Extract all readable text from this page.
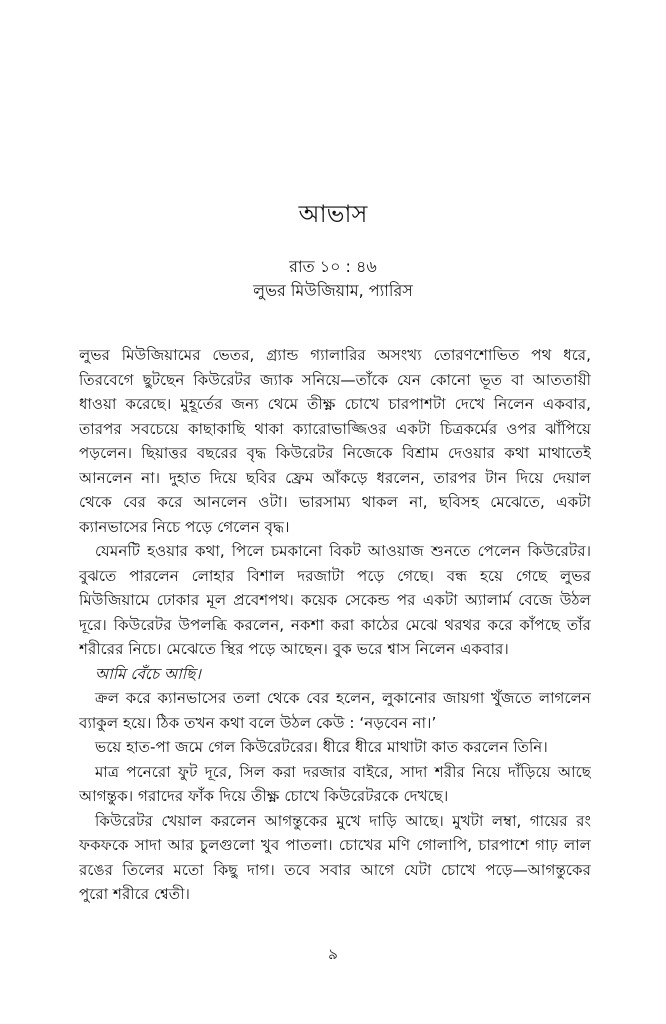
আভাস
রাত ১০ : ৪৬
লুভর মিউজিয়াম, প্যারিস
লুভর মিউজিয়ামের ভেতর, গ্র্যান্ড গ্যালারির অসংখ্য তোরণশোভিত পথ ধরে,
তিরবেগে ছুটছেন কিউরেটর জ্যাক সনিয়ে—তাঁকে যেন কোনো ভূত বা আততায়ী
ধাওয়া করেছে। মুহূর্তের জন্য থেমে তীক্ষ্ণ চোখে চারপাশটা দেখে নিলেন একবার,
তারপর সবচেয়ে কাছাকাছি থাকা ক্যারোভাজ্জিওর একটা চিত্রকর্মের ওপর ঝাঁপিয়ে
পড়লেন। ছিয়াত্তর বছরের বৃদ্ধ কিউরেটর নিজেকে বিশ্রাম দেওয়ার কথা মাথাতেই
আনলেন না। দুহাত দিয়ে ছবির ফ্রেম আঁকড়ে ধরলেন, তারপর টান দিয়ে দেয়াল
থেকে বের করে আনলেন ওটা। ভারসাম্য থাকল না, ছবিসহ মেঝেতে, একটা
ক্যানভাসের নিচে পড়ে গেলেন বৃদ্ধ।
যেমনটি হওয়ার কথা, পিলে চমকানো বিকট আওয়াজ শুনতে পেলেন কিউরেটর।
বুঝতে পারলেন লোহার বিশাল দরজাটা পড়ে গেছে। বন্ধ হয়ে গেছে লুভর
মিউজিয়ামে ঢোকার মূল প্রবেশপথ। কয়েক সেকেন্ড পর একটা অ্যালার্ম বেজে উঠল
দূরে। কিউরেটর উপলব্ধি করলেন, নকশা করা কাঠের মেঝে থরথর করে কাঁপছে তাঁর
শরীরের নিচে। মেঝেতে স্থির পড়ে আছেন। বুক ভরে শ্বাস নিলেন একবার।
আমি বেঁচে আছি।
ক্রল করে ক্যানভাসের তলা থেকে বের হলেন, লুকানোর জায়গা খুঁজতে লাগলেন
ব্যাকুল হয়ে। ঠিক তখন কথা বলে উঠল কেউ : ‘নড়বেন না।’
ভয়ে হাত-পা জমে গেল কিউরেটরের। ধীরে ধীরে মাথাটা কাত করলেন তিনি।
মাত্র পনেরো ফুট দূরে, সিল করা দরজার বাইরে, সাদা শরীর নিয়ে দাঁড়িয়ে আছে
আগন্তুক। গরাদের ফাঁক দিয়ে তীক্ষ্ণ চোখে কিউরেটরকে দেখছে।
কিউরেটর খেয়াল করলেন আগন্তুকের মুখে দাড়ি আছে। মুখটা লম্বা, গায়ের রং
ফকফকে সাদা আর চুলগুলো খুব পাতলা। চোখের মণি গোলাপি, চারপাশে গাঢ় লাল
রঙের তিলের মতো কিছু দাগ। তবে সবার আগে যেটা চোখে পড়ে—আগন্তুকের
পুরো শরীরে শ্বেতী।
৯
